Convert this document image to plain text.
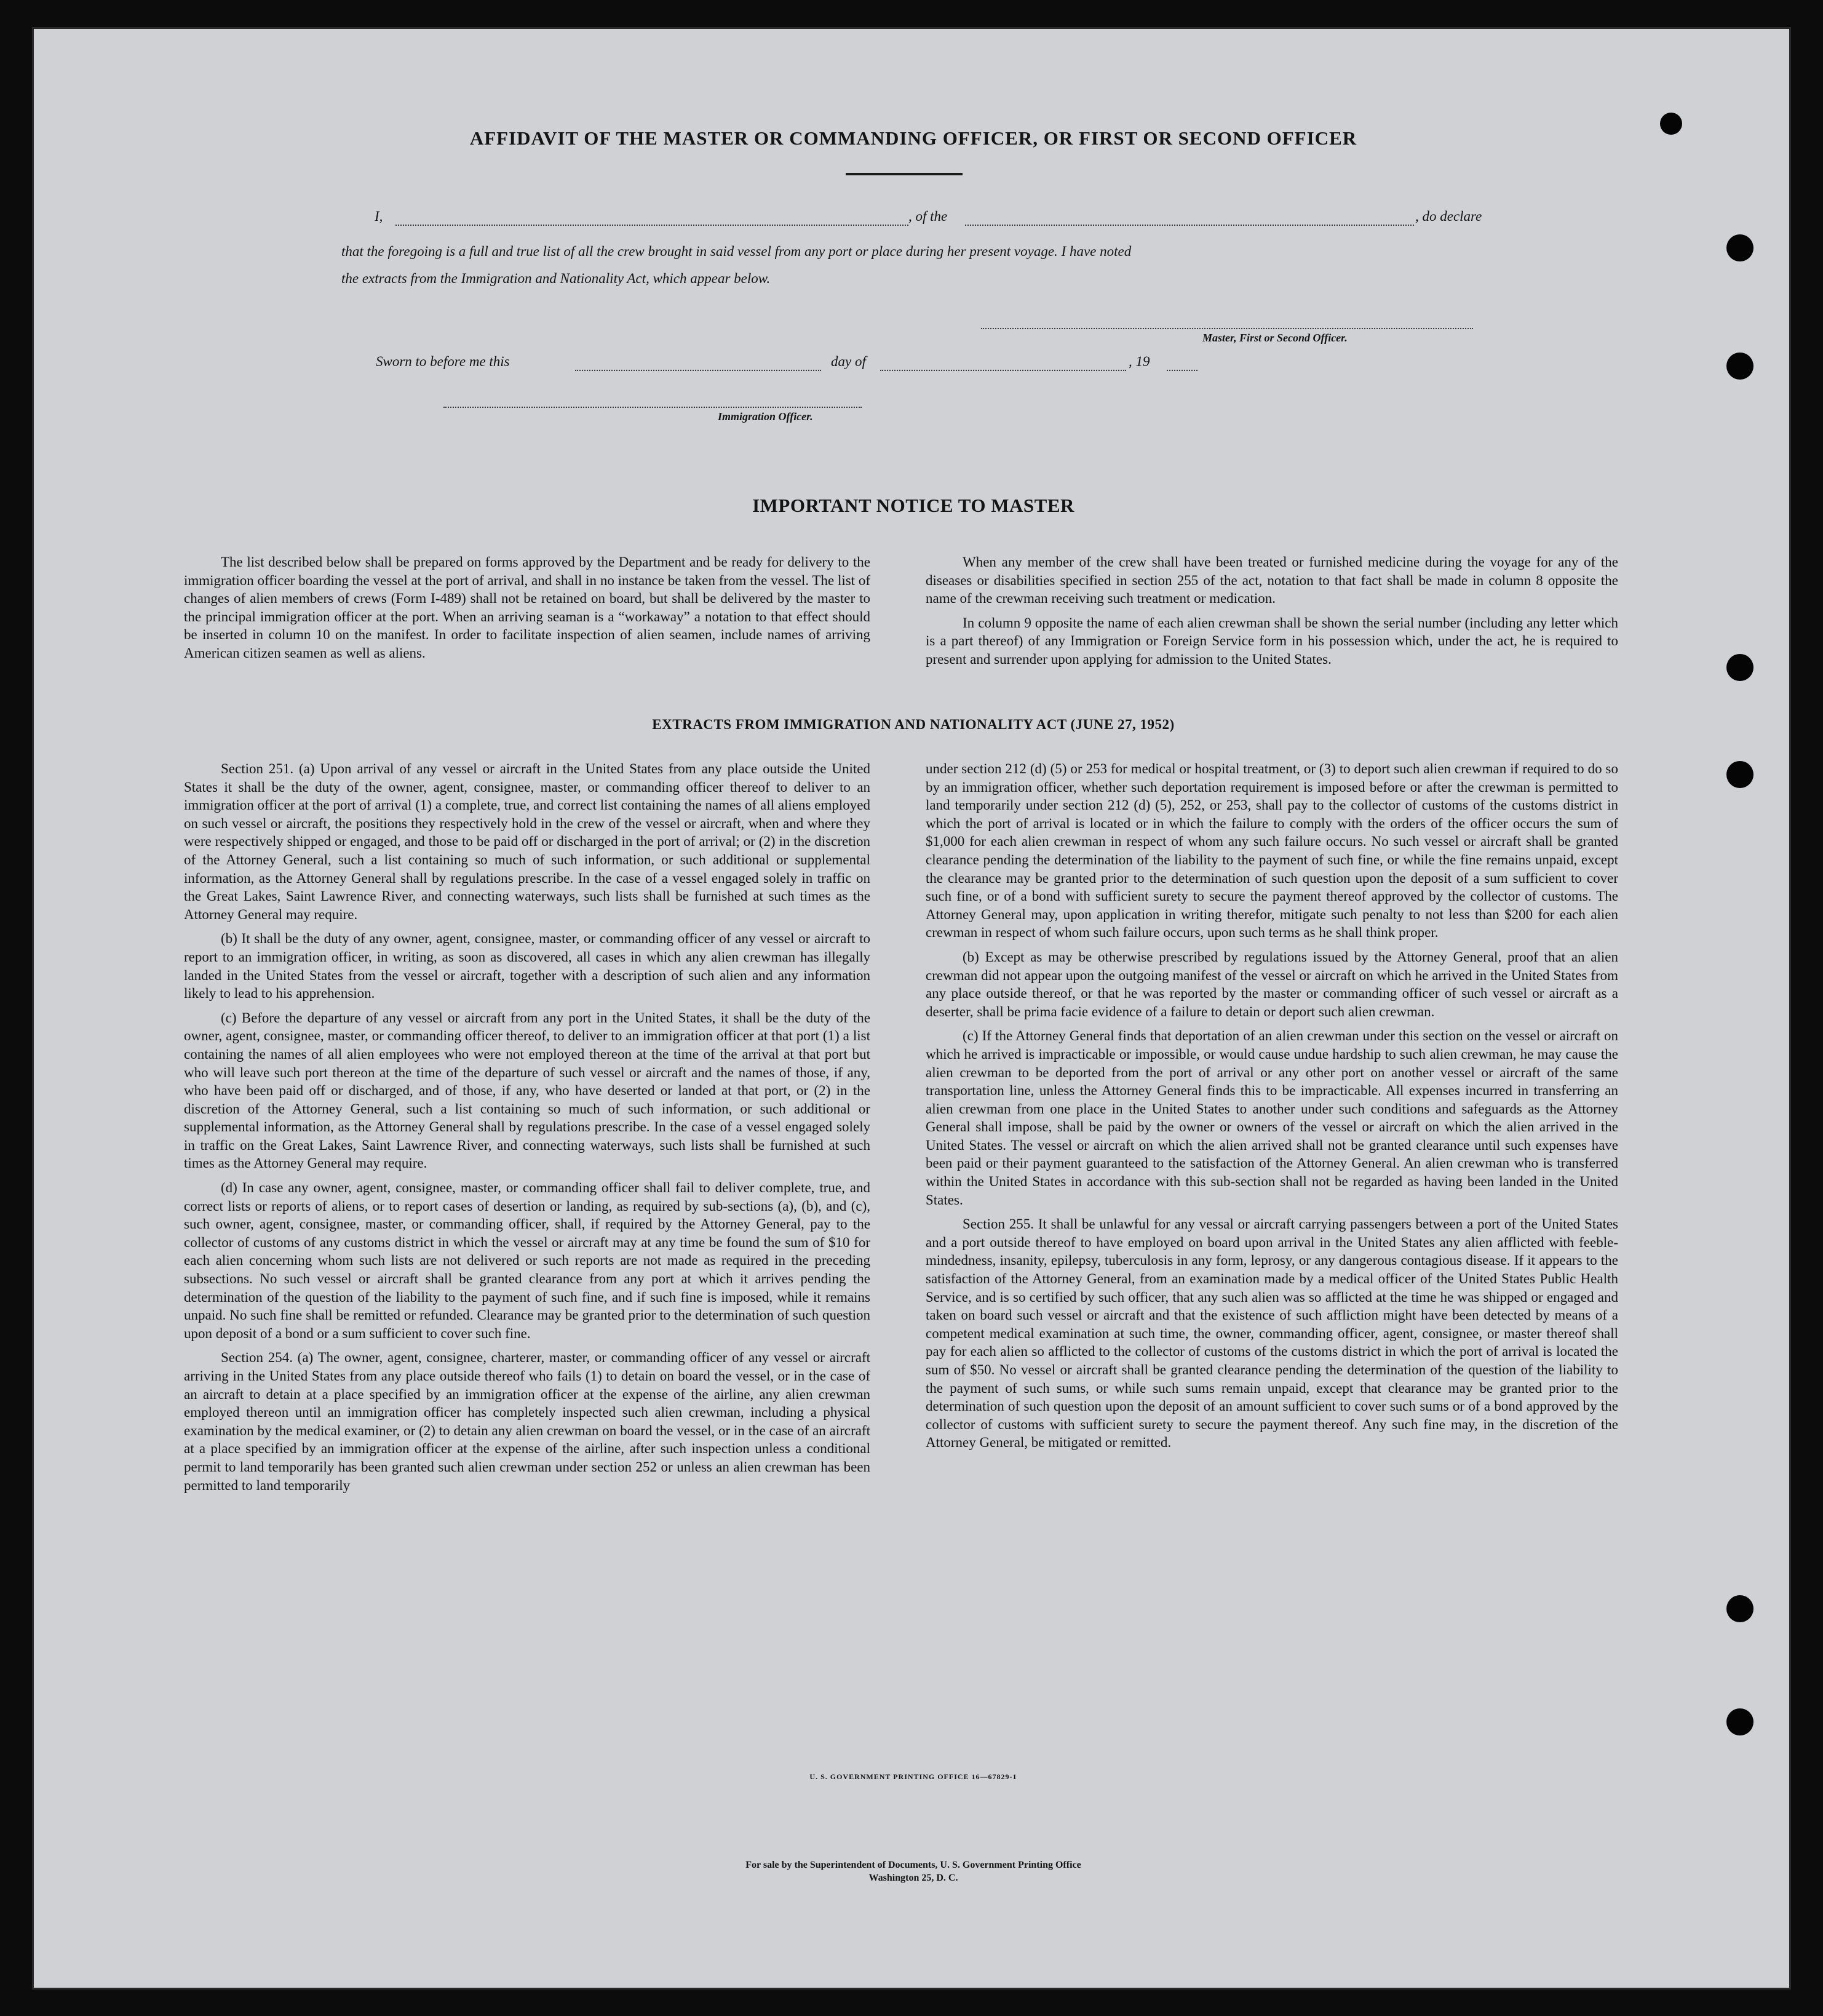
AFFIDAVIT OF THE MASTER OR COMMANDING OFFICER, OR FIRST OR SECOND OFFICER
I,	, of the	, do declare
that the foregoing is a full and true list of all the crew brought in said vessel from any port or place during her present voyage. I have noted
the extracts from the Immigration and Nationality Act, which appear below.
Master, First or Second Officer.
Sworn to before me this	day of	, 19
Immigration Officer.
IMPORTANT NOTICE TO MASTER

The list described below shall be prepared on forms approved by the Department and be ready for delivery to the immigration officer boarding the vessel at the port of arrival, and shall in no instance be taken from the vessel. The list of changes of alien members of crews (Form I-489) shall not be retained on board, but shall be delivered by the master to the principal immigration officer at the port. When an arriving seaman is a “workaway” a notation to that effect should be inserted in column 10 on the manifest. In order to facilitate inspection of alien seamen, include names of arriving American citizen seamen as well as aliens.

When any member of the crew shall have been treated or furnished medicine during the voyage for any of the diseases or disabilities specified in section 255 of the act, notation to that fact shall be made in column 8 opposite the name of the crewman receiving such treatment or medication.

In column 9 opposite the name of each alien crewman shall be shown the serial number (including any letter which is a part thereof) of any Immigration or Foreign Service form in his possession which, under the act, he is required to present and surrender upon applying for admission to the United States.

EXTRACTS FROM IMMIGRATION AND NATIONALITY ACT (JUNE 27, 1952)

Section 251. (a) Upon arrival of any vessel or aircraft in the United States from any place outside the United States it shall be the duty of the owner, agent, consignee, master, or commanding officer thereof to deliver to an immigration officer at the port of arrival (1) a complete, true, and correct list containing the names of all aliens employed on such vessel or aircraft, the positions they respectively hold in the crew of the vessel or aircraft, when and where they were respectively shipped or engaged, and those to be paid off or discharged in the port of arrival; or (2) in the discretion of the Attorney General, such a list containing so much of such information, or such additional or supplemental information, as the Attorney General shall by regulations prescribe. In the case of a vessel engaged solely in traffic on the Great Lakes, Saint Lawrence River, and connecting waterways, such lists shall be furnished at such times as the Attorney General may require.

(b) It shall be the duty of any owner, agent, consignee, master, or commanding officer of any vessel or aircraft to report to an immigration officer, in writing, as soon as discovered, all cases in which any alien crewman has illegally landed in the United States from the vessel or aircraft, together with a description of such alien and any information likely to lead to his apprehension.

(c) Before the departure of any vessel or aircraft from any port in the United States, it shall be the duty of the owner, agent, consignee, master, or commanding officer thereof, to deliver to an immigration officer at that port (1) a list containing the names of all alien employees who were not employed thereon at the time of the arrival at that port but who will leave such port thereon at the time of the departure of such vessel or aircraft and the names of those, if any, who have been paid off or discharged, and of those, if any, who have deserted or landed at that port, or (2) in the discretion of the Attorney General, such a list containing so much of such information, or such additional or supplemental information, as the Attorney General shall by regulations prescribe. In the case of a vessel engaged solely in traffic on the Great Lakes, Saint Lawrence River, and connecting waterways, such lists shall be furnished at such times as the Attorney General may require.

(d) In case any owner, agent, consignee, master, or commanding officer shall fail to deliver complete, true, and correct lists or reports of aliens, or to report cases of desertion or landing, as required by sub-sections (a), (b), and (c), such owner, agent, consignee, master, or commanding officer, shall, if required by the Attorney General, pay to the collector of customs of any customs district in which the vessel or aircraft may at any time be found the sum of $10 for each alien concerning whom such lists are not delivered or such reports are not made as required in the preceding subsections. No such vessel or aircraft shall be granted clearance from any port at which it arrives pending the determination of the question of the liability to the payment of such fine, and if such fine is imposed, while it remains unpaid. No such fine shall be remitted or refunded. Clearance may be granted prior to the determination of such question upon deposit of a bond or a sum sufficient to cover such fine.

Section 254. (a) The owner, agent, consignee, charterer, master, or commanding officer of any vessel or aircraft arriving in the United States from any place outside thereof who fails (1) to detain on board the vessel, or in the case of an aircraft to detain at a place specified by an immigration officer at the expense of the airline, any alien crewman employed thereon until an immigration officer has completely inspected such alien crewman, including a physical examination by the medical examiner, or (2) to detain any alien crewman on board the vessel, or in the case of an aircraft at a place specified by an immigration officer at the expense of the airline, after such inspection unless a conditional permit to land temporarily has been granted such alien crewman under section 252 or unless an alien crewman has been permitted to land temporarily

under section 212 (d) (5) or 253 for medical or hospital treatment, or (3) to deport such alien crewman if required to do so by an immigration officer, whether such deportation requirement is imposed before or after the crewman is permitted to land temporarily under section 212 (d) (5), 252, or 253, shall pay to the collector of customs of the customs district in which the port of arrival is located or in which the failure to comply with the orders of the officer occurs the sum of $1,000 for each alien crewman in respect of whom any such failure occurs. No such vessel or aircraft shall be granted clearance pending the determination of the liability to the payment of such fine, or while the fine remains unpaid, except the clearance may be granted prior to the determination of such question upon the deposit of a sum sufficient to cover such fine, or of a bond with sufficient surety to secure the payment thereof approved by the collector of customs. The Attorney General may, upon application in writing therefor, mitigate such penalty to not less than $200 for each alien crewman in respect of whom such failure occurs, upon such terms as he shall think proper.

(b) Except as may be otherwise prescribed by regulations issued by the Attorney General, proof that an alien crewman did not appear upon the outgoing manifest of the vessel or aircraft on which he arrived in the United States from any place outside thereof, or that he was reported by the master or commanding officer of such vessel or aircraft as a deserter, shall be prima facie evidence of a failure to detain or deport such alien crewman.

(c) If the Attorney General finds that deportation of an alien crewman under this section on the vessel or aircraft on which he arrived is impracticable or impossible, or would cause undue hardship to such alien crewman, he may cause the alien crewman to be deported from the port of arrival or any other port on another vessel or aircraft of the same transportation line, unless the Attorney General finds this to be impracticable. All expenses incurred in transferring an alien crewman from one place in the United States to another under such conditions and safeguards as the Attorney General shall impose, shall be paid by the owner or owners of the vessel or aircraft on which the alien arrived in the United States. The vessel or aircraft on which the alien arrived shall not be granted clearance until such expenses have been paid or their payment guaranteed to the satisfaction of the Attorney General. An alien crewman who is transferred within the United States in accordance with this sub-section shall not be regarded as having been landed in the United States.

Section 255. It shall be unlawful for any vessal or aircraft carrying passengers between a port of the United States and a port outside thereof to have employed on board upon arrival in the United States any alien afflicted with feeble-mindedness, insanity, epilepsy, tuberculosis in any form, leprosy, or any dangerous contagious disease. If it appears to the satisfaction of the Attorney General, from an examination made by a medical officer of the United States Public Health Service, and is so certified by such officer, that any such alien was so afflicted at the time he was shipped or engaged and taken on board such vessel or aircraft and that the existence of such affliction might have been detected by means of a competent medical examination at such time, the owner, commanding officer, agent, consignee, or master thereof shall pay for each alien so afflicted to the collector of customs of the customs district in which the port of arrival is located the sum of $50. No vessel or aircraft shall be granted clearance pending the determination of the question of the liability to the payment of such sums, or while such sums remain unpaid, except that clearance may be granted prior to the determination of such question upon the deposit of an amount sufficient to cover such sums or of a bond approved by the collector of customs with sufficient surety to secure the payment thereof. Any such fine may, in the discretion of the Attorney General, be mitigated or remitted.

U. S. GOVERNMENT PRINTING OFFICE 16—67829-1
For sale by the Superintendent of Documents, U. S. Government Printing Office
Washington 25, D. C.
